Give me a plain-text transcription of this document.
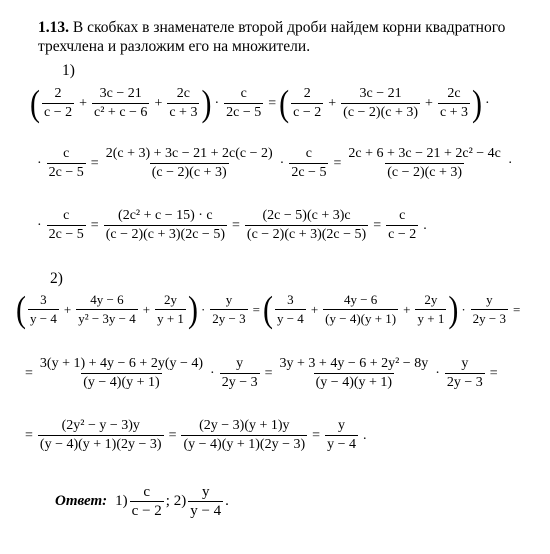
1.13. В скобках в знаменателе второй дроби найдем корни квадратного трехчлена и разложим его на множители.
1)
( $\frac{2}{c - 2} + \frac{3c - 21}{\text{c² + c − 6}} + \frac{2c}{c + 3}$ ) · $\frac{c}{2c - 5}$ = ( $\frac{2}{c - 2} + \frac{3c - 21}{(c - 2)(c + 3)} + \frac{2c}{c + 3}$ ) ·
· $\frac{c}{2c - 5} = \frac{2(c + 3) + 3c - 21 + 2c(c - 2)}{(c - 2)(c + 3)} \cdot \frac{c}{2c - 5} = \frac{\text{2c + 6 + 3c − 21 + 2c² − 4c}}{(c - 2)(c + 3)}$ ·
· $\frac{c}{2c - 5} = \frac{\text{(2c² + c − 15) · c}}{(c - 2)(c + 3)(2c - 5)} = \frac{(2c - 5)(c + 3)c}{(c - 2)(c + 3)(2c - 5)} = \frac{c}{c - 2}$ .
2)
( $\frac{3}{y - 4} + \frac{4y - 6}{\text{y² − 3y − 4}} + \frac{2y}{y + 1}$ ) · $\frac{y}{2y - 3}$ = ( $\frac{3}{y - 4} + \frac{4y - 6}{(y - 4)(y + 1)} + \frac{2y}{y + 1}$ ) · $\frac{y}{2y - 3}$ =
= $\frac{3(y + 1) + 4y - 6 + 2y(y - 4)}{(y - 4)(y + 1)} \cdot \frac{y}{2y - 3} = \frac{\text{3y + 3 + 4y − 6 + 2y² − 8y}}{(y - 4)(y + 1)} \cdot \frac{y}{2y - 3}$ =
= $\frac{\text{(2y² − y − 3)y}}{(y - 4)(y + 1)(2y - 3)} = \frac{(2y - 3)(y + 1)y}{(y - 4)(y + 1)(2y - 3)} = \frac{y}{y - 4}$ .
Ответ: $1) \frac{c}{c - 2}$ ; $2) \frac{y}{y - 4}$ .
